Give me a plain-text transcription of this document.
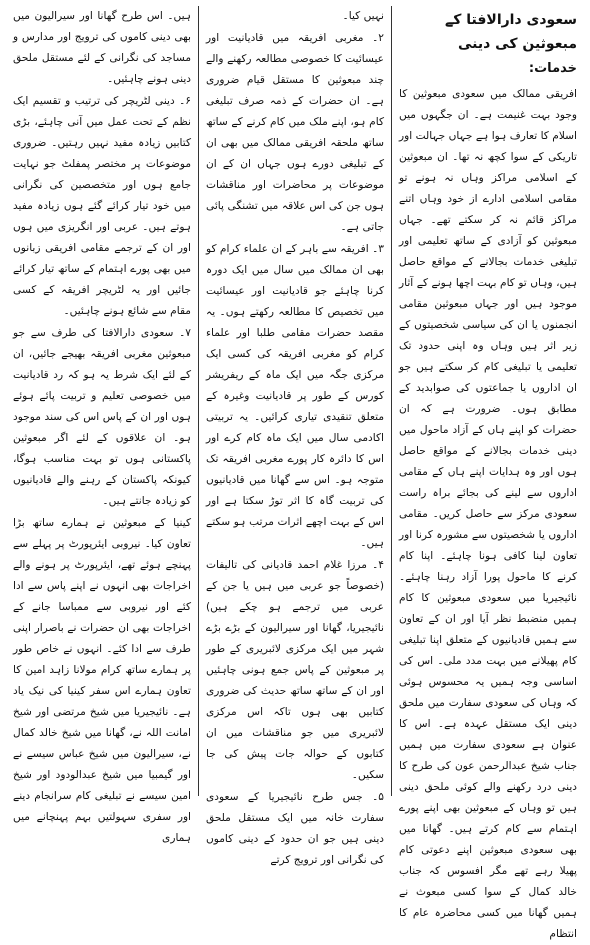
سعودی دارالافتا کے مبعوثین کی دینی
خدمات:

افریقی ممالک میں سعودی مبعوثین کا وجود بہت غنیمت ہے۔ ان جگہوں میں اسلام کا تعارف ہوا ہے جہاں جہالت اور تاریکی کے سوا کچھ نہ تھا۔ ان مبعوثین کے اسلامی مراکز وہاں نہ ہونے تو مقامی اسلامی ادارے از خود وہاں اتنے مراکز قائم نہ کر سکتے تھے۔ جہاں مبعوثین کو آزادی کے ساتھ تعلیمی اور تبلیغی خدمات بجالانے کے مواقع حاصل ہیں، وہاں تو کام بہت اچھا ہونے کے آثار موجود ہیں اور جہاں مبعوثین مقامی انجمنوں یا ان کی سیاسی شخصیتوں کے زیر اثر ہیں وہاں وہ اپنی حدود تک تعلیمی یا تبلیغی کام کر سکتے ہیں جو ان اداروں یا جماعتوں کی صوابدید کے مطابق ہوں۔ ضرورت ہے کہ ان حضرات کو اپنے ہاں کے آزاد ماحول میں دینی خدمات بجالانے کے مواقع حاصل ہوں اور وہ ہدایات اپنے ہاں کے مقامی اداروں سے لینے کی بجائے براہ راست سعودی مرکز سے حاصل کریں۔ مقامی اداروں یا شخصیتوں سے مشورہ کرنا اور تعاون لینا کافی ہونا چاہئے۔ اپنا کام کرنے کا ماحول پورا آزاد رہنا چاہئے۔ نائیجیریا میں سعودی مبعوثین کا کام ہمیں منضبط نظر آیا اور ان کے تعاون سے ہمیں قادیانیوں کے متعلق اپنا تبلیغی کام پھیلانے میں بہت مدد ملی۔ اس کی اساسی وجہ ہمیں یہ محسوس ہوئی کہ وہاں کی سعودی سفارت میں ملحق دینی ایک مستقل عہدہ ہے۔ اس کا عنوان ہے سعودی سفارت میں ہمیں جناب شیخ عبدالرحمن عون کی طرح کا دینی درد رکھنے والے کوئی ملحق دینی ہیں تو وہاں کے مبعوثین بھی اپنے پورے اہتمام سے کام کرتے ہیں۔ گھانا میں بھی سعودی مبعوثین اپنے دعوتی کام پھیلا رہے تھے مگر افسوس کہ جناب خالد کمال کے سوا کسی مبعوث نے ہمیں گھانا میں کسی محاضرہ عام کا انتظام

نہیں کیا۔

۲۔ مغربی افریقہ میں قادیانیت اور عیسائیت کا خصوصی مطالعہ رکھنے والے چند مبعوثین کا مستقل قیام ضروری ہے۔ ان حضرات کے ذمہ صرف تبلیغی کام ہو، اپنے ملک میں کام کرنے کے ساتھ ساتھ ملحقہ افریقی ممالک میں بھی ان کے تبلیغی دورے ہوں جہاں ان کے ان موضوعات پر محاضرات اور مناقشات ہوں جن کی اس علاقہ میں تشنگی پائی جاتی ہے۔

۳۔ افریقہ سے باہر کے ان علماء کرام کو بھی ان ممالک میں سال میں ایک دورہ کرنا چاہئے جو قادیانیت اور عیسائیت میں تخصیص کا مطالعہ رکھتے ہوں۔ یہ مقصد حضرات مقامی طلبا اور علماء کرام کو مغربی افریقہ کی کسی ایک مرکزی جگہ میں ایک ماہ کے ریفریشر کورس کے طور پر قادیانیت وغیرہ کے متعلق تنقیدی تیاری کرائیں۔ یہ تربیتی اکادمی سال میں ایک ماہ کام کرے اور اس کا دائرہ کار پورے مغربی افریقہ تک متوجہ ہو۔ اس سے گھانا میں قادیانیوں کی تربیت گاہ کا اثر توڑ سکتا ہے اور اس کے بہت اچھے اثرات مرتب ہو سکتے ہیں۔

۴۔ مرزا غلام احمد قادیانی کی تالیفات (خصوصاً جو عربی میں ہیں یا جن کے عربی میں ترجمے ہو چکے ہیں) نائیجیریا، گھانا اور سیرالیون کے بڑے بڑے شہر میں ایک مرکزی لائبریری کے طور پر مبعوثین کے پاس جمع ہونی چاہئیں اور ان کے ساتھ ساتھ حدیث کی ضروری کتابیں بھی ہوں تاکہ اس مرکزی لائبریری میں جو مناقشات میں ان کتابوں کے حوالہ جات پیش کی جا سکیں۔

۵۔ جس طرح نائیجیریا کے سعودی سفارت خانہ میں ایک مستقل ملحق دینی ہیں جو ان حدود کے دینی کاموں کی نگرانی اور ترویج کرتے

ہیں۔ اس طرح گھانا اور سیرالیون میں بھی دینی کاموں کی ترویج اور مدارس و مساجد کی نگرانی کے لئے مستقل ملحق دینی ہونے چاہئیں۔

۶۔ دینی لٹریچر کی ترتیب و تقسیم ایک نظم کے تحت عمل میں آنی چاہئے، بڑی کتابیں زیادہ مفید نہیں رہتیں۔ ضروری موضوعات پر مختصر پمفلٹ جو نہایت جامع ہوں اور متخصصین کی نگرانی میں خود تیار کرائے گئے ہوں زیادہ مفید ہوتے ہیں۔ عربی اور انگریزی میں ہوں اور ان کے ترجمے مقامی افریقی زبانوں میں بھی پورے اہتمام کے ساتھ تیار کرائے جائیں اور یہ لٹریچر افریقہ کے کسی مقام سے شائع ہونے چاہئیں۔

۷۔ سعودی دارالافتا کی طرف سے جو مبعوثین مغربی افریقہ بھیجے جائیں، ان کے لئے ایک شرط یہ ہو کہ رد قادیانیت میں خصوصی تعلیم و تربیت پائے ہوئے ہوں اور ان کے پاس اس کی سند موجود ہو۔ ان علاقوں کے لئے اگر مبعوثین پاکستانی ہوں تو بہت مناسب ہوگا، کیونکہ پاکستان کے رہنے والے قادیانیوں کو زیادہ جانتے ہیں۔

کینیا کے مبعوثین نے ہمارے ساتھ بڑا تعاون کیا۔ نیروبی ایئرپورٹ پر پہلے سے پہنچے ہوئے تھے، ایئرپورٹ پر ہونے والے اخراجات بھی انہوں نے اپنے پاس سے ادا کئے اور نیروبی سے ممباسا جانے کے اخراجات بھی ان حضرات نے باصرار اپنی طرف سے ادا کئے۔ انہوں نے خاص طور پر ہمارے ساتھ کرام مولانا زاہد امین کا تعاون ہمارے اس سفر کینیا کی نیک یاد ہے۔ نائیجیریا میں شیخ مرتضی اور شیخ امانت اللہ نے، گھانا میں شیخ خالد کمال نے، سیرالیون میں شیخ عباس سیسے نے اور گیمبیا میں شیخ عبدالودود اور شیخ امین سیسے نے تبلیغی کام سرانجام دینے اور سفری سہولتیں بہم پہنچانے میں ہماری
